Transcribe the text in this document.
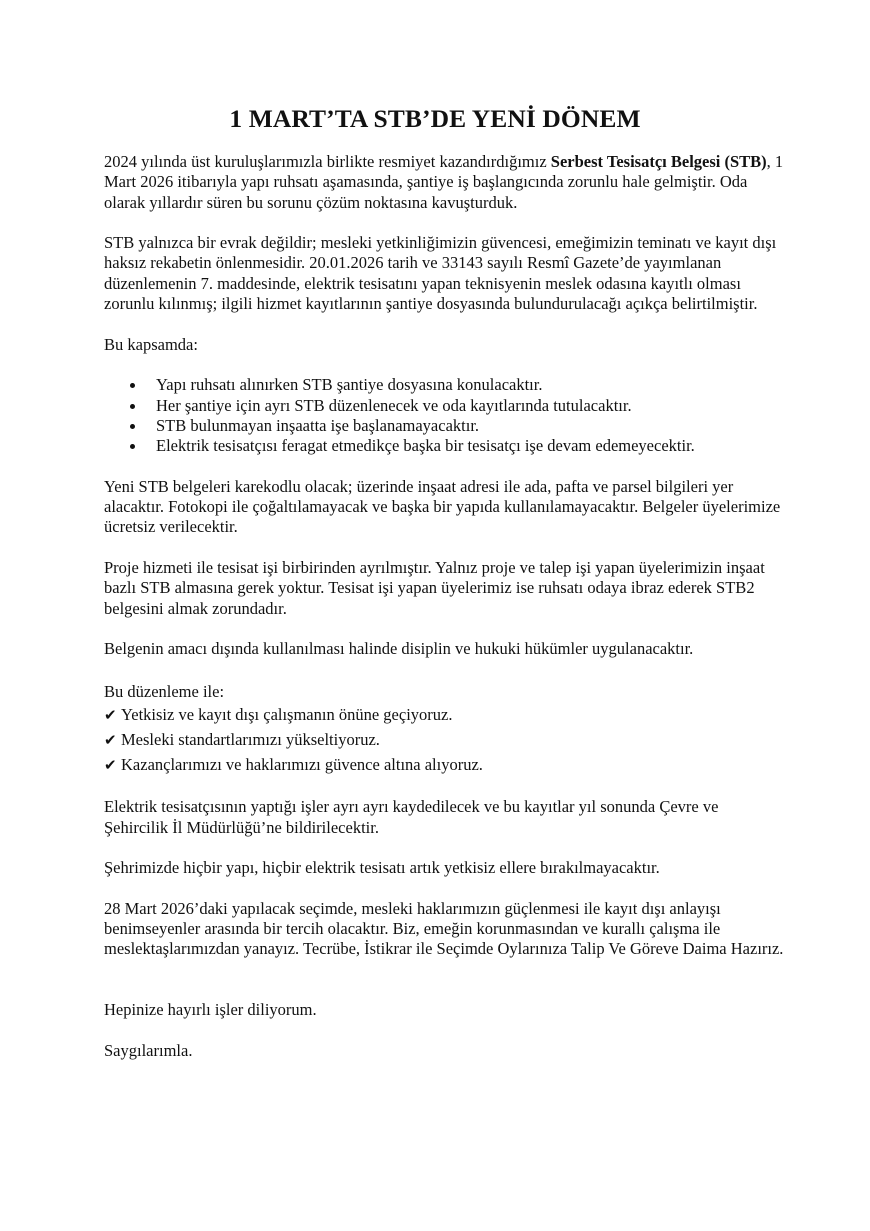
1 MART’TA STB’DE YENİ DÖNEM

2024 yılında üst kuruluşlarımızla birlikte resmiyet kazandırdığımız Serbest Tesisatçı Belgesi (STB), 1 Mart 2026 itibarıyla yapı ruhsatı aşamasında, şantiye iş başlangıcında zorunlu hale gelmiştir. Oda olarak yıllardır süren bu sorunu çözüm noktasına kavuşturduk.

STB yalnızca bir evrak değildir; mesleki yetkinliğimizin güvencesi, emeğimizin teminatı ve kayıt dışı haksız rekabetin önlenmesidir. 20.01.2026 tarih ve 33143 sayılı Resmî Gazete’de yayımlanan düzenlemenin 7. maddesinde, elektrik tesisatını yapan teknisyenin meslek odasına kayıtlı olması zorunlu kılınmış; ilgili hizmet kayıtlarının şantiye dosyasında bulundurulacağı açıkça belirtilmiştir.

Bu kapsamda:

Yapı ruhsatı alınırken STB şantiye dosyasına konulacaktır.
Her şantiye için ayrı STB düzenlenecek ve oda kayıtlarında tutulacaktır.
STB bulunmayan inşaatta işe başlanamayacaktır.
Elektrik tesisatçısı feragat etmedikçe başka bir tesisatçı işe devam edemeyecektir.

Yeni STB belgeleri karekodlu olacak; üzerinde inşaat adresi ile ada, pafta ve parsel bilgileri yer alacaktır. Fotokopi ile çoğaltılamayacak ve başka bir yapıda kullanılamayacaktır. Belgeler üyelerimize ücretsiz verilecektir.

Proje hizmeti ile tesisat işi birbirinden ayrılmıştır. Yalnız proje ve talep işi yapan üyelerimizin inşaat bazlı STB almasına gerek yoktur. Tesisat işi yapan üyelerimiz ise ruhsatı odaya ibraz ederek STB2 belgesini almak zorundadır.

Belgenin amacı dışında kullanılması halinde disiplin ve hukuki hükümler uygulanacaktır.

Bu düzenleme ile:
✔ Yetkisiz ve kayıt dışı çalışmanın önüne geçiyoruz.
✔ Mesleki standartlarımızı yükseltiyoruz.
✔ Kazançlarımızı ve haklarımızı güvence altına alıyoruz.

Elektrik tesisatçısının yaptığı işler ayrı ayrı kaydedilecek ve bu kayıtlar yıl sonunda Çevre ve Şehircilik İl Müdürlüğü’ne bildirilecektir.

Şehrimizde hiçbir yapı, hiçbir elektrik tesisatı artık yetkisiz ellere bırakılmayacaktır.

28 Mart 2026’daki yapılacak seçimde, mesleki haklarımızın güçlenmesi ile kayıt dışı anlayışı benimseyenler arasında bir tercih olacaktır. Biz, emeğin korunmasından ve kurallı çalışma ile meslektaşlarımızdan yanayız. Tecrübe, İstikrar ile Seçimde Oylarınıza Talip Ve Göreve Daima Hazırız.

Hepinize hayırlı işler diliyorum.

Saygılarımla.
